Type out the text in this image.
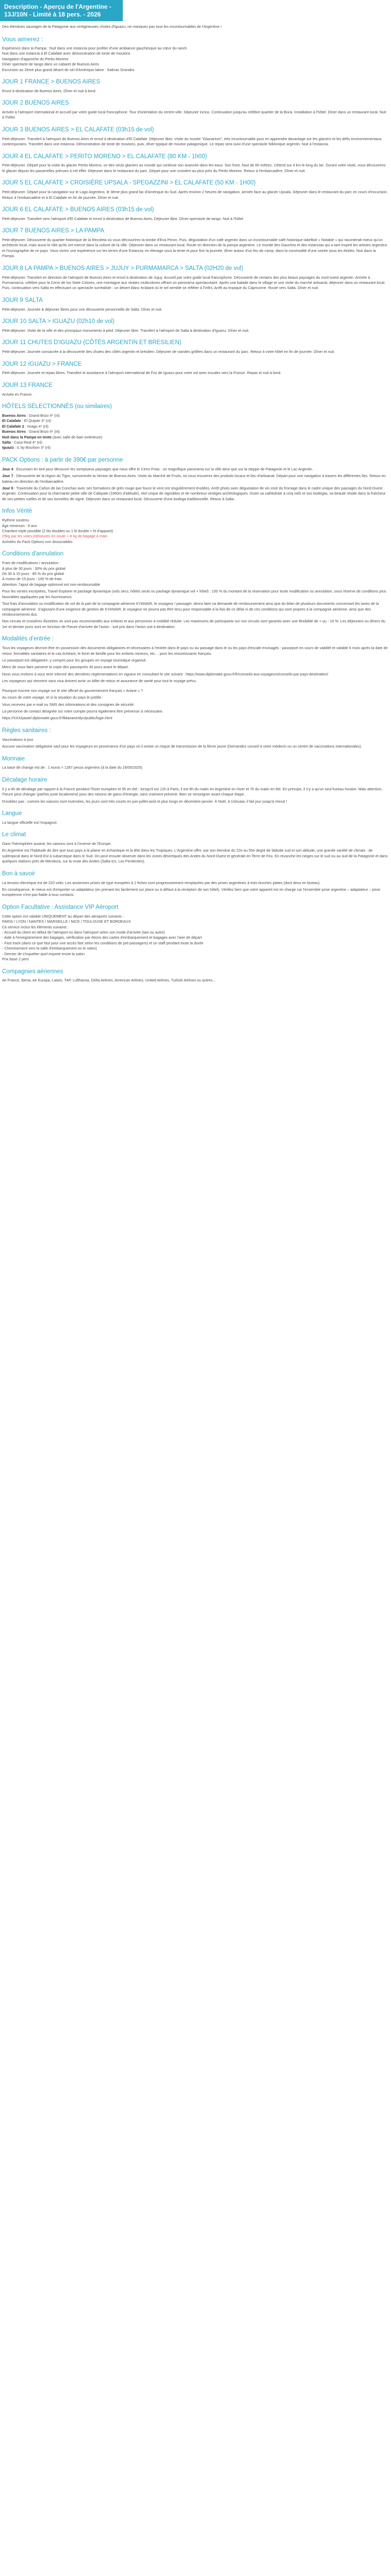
Description - Aperçu de l'Argentine - 13J/10N - Limité à 18 pers. - 2026

Des étendues sauvages de la Patagonie aux vertigineuses chutes d'Iguazu, ne manquez pas tous les incontournables de l'Argentine !

Vous aimerez :
Expérience dans la Pampa : Nuit dans une estancia pour profiter d'une ambiance gauchesque au cœur du ranch
Nuit dans une estancia à El Calafate avec démonstration de tonte de moutons
Navigation d'approche du Perito Moreno
Dîner spectacle de tango dans un cabaret de Buenos Aires
Excursion au 2ème plus grand désert de sel d'Amérique latine : Salinas Grandes
JOUR 1 FRANCE > BUENOS AIRES

Envol à destination de Buenos Aires. Dîner et nuit à bord.

JOUR 2 BUENOS AIRES

Arrivée à l'aéroport international et accueil par votre guide local francophone. Tour d'orientation du centre-ville. Déjeuner inclus. Continuation jusqu'au célèbre quartier de la Boca. Installation à l'hôtel. Dîner dans un restaurant local. Nuit à l'hôtel.

JOUR 3 BUENOS AIRES > EL CALAFATE (03h15 de vol)

Petit-déjeuner. Transfert à l'aéroport de Buenos Aires et envol à destination d'El Calafate. Déjeuner libre. Visite du musée "Glaciarium", très incontournable pour en apprendre davantage sur les glaciers et les défis environnementaux contemporains. Transfert dans une estancia. Démonstration de tonte de moutons, puis, dîner typique de mouton patagonique. Le repas sera suivi d'une spectacle folklorique argentin. Nuit à l'estancia.

JOUR 4 EL CALAFATE > PERITO MORENO > EL CALAFATE (80 KM - 1h00)

Petit-déjeuner. Départ pour la visite du glacier Perito Moreno, un des seuls glaciers au monde qui continue son avancée dans les eaux. Son front, haut de 60 mètres, s'étend sur 4 km le long du lac. Durant votre visite, vous découvrirez le glacier depuis les passerelles prévues à cet effet. Déjeuner dans le restaurant du parc. Départ pour une croisière au plus près du Perito Moreno. Retour à l'embarcadère. Dîner et nuit.

JOUR 5 EL CALAFATE > CROISIÈRE UPSALA - SPEGAZZINI > EL CALAFATE (50 KM - 1H00)

Petit-déjeuner. Départ pour la navigation sur le Lago Argentino, le 3ème plus grand lac d'Amérique du Sud. Après environ 2 heures de navigation, arrivée face au glacier Upsala. Déjeuner dans le restaurant du parc en cours d'excursion. Retour à l'embarcadère et à El Calafate en fin de journée. Dîner et nuit.

JOUR 6 EL CALAFATE > BUENOS AIRES (03h15 de vol)

Petit-déjeuner. Transfert vers l'aéroport d'El Calafate et envol à destination de Buenos Aires. Déjeuner libre. Dîner-spectacle de tango. Nuit à l'hôtel.

JOUR 7 BUENOS AIRES > LA PAMPA

Petit-déjeuner. Découverte du quartier historique de la Recoleta où vous découvrirez la tombe d'Eva Peron. Puis, dégustation d'un café argentin dans un incontournable café historique labellisé « Notable » qui raconterait mieux qu'un architecte local, mais aussi le rôle qu'ils ont exercé dans la culture de la ville. Déjeuner dans un restaurant local. Route en direction de la pampa argentine. Le monde des Gauchos et des estancias qui a tant inspiré les artistes argentins et l'iconographie de ce pays. Vous vivrez une expérience sur les terres d'une Estancia, en élevage sous la tente et pour finir la journée, dîner autour d'un feu de camp, dans la convivialité d'une soirée sous les étoiles. Nuit dans la Pampa.

JOUR 8 LA PAMPA > BUENOS AIRES > JUJUY > PURMAMARCA > SALTA (02H20 de vol)

Petit-déjeuner. Transfert en direction de l'aéroport de Buenos Aires et envol à destination de Jujuy. Accueil par votre guide local francophone. Découverte de certains des plus beaux paysages du nord-ouest argentin. Arrivée à Purmamarca, célèbre pour la Cerro de los Siete Colores, une montagne aux strates multicolores offrant un panorama spectaculaire. Après une balade dans le village et une visite du marché artisanal, déjeuner dans un restaurant local. Puis, continuation vers Salta en effectuant un spectacle surréaliste : un désert blanc éclatant où le sel semble se refléter à l'infini. Arrêt au tropique du Capricorne. Route vers Salta. Dîner et nuit.

JOUR 9 SALTA

Petit-déjeuner. Journée & déjeuner libres pour une découverte personnelle de Salta. Dîner et nuit.

JOUR 10 SALTA > IGUAZU (02h10 de vol)

Petit-déjeuner. Visite de la ville et des principaux monuments à pied. Déjeuner libre. Transfert à l'aéroport de Salta à destination d'Iguazu. Dîner et nuit.

JOUR 11 CHUTES D'IGUAZU (CÔTÉS ARGENTIN ET BRESILIEN)

Petit-déjeuner. Journée consacrée à la découverte des chutes des côtés argentin et brésilien. Déjeuner de viandes grillées dans un restaurant du parc. Retour à votre hôtel en fin de journée. Dîner et nuit.

JOUR 12 IGUAZU > FRANCE

Petit-déjeuner. Journée et repas libres. Transfert et assistance à l'aéroport international de Foz de Iguazu pour votre vol avec escales vers la France. Repas et nuit à bord.

JOUR 13 FRANCE

Arrivée en France.

HÔTELS SÉLECTIONNÉS (ou similaires)
Buenos Aires : Grand Brizo 4* (nl)
El Calafate : El Quijote 3* (nl)
El Calafate 2 : Imago 4* (nl)
Buenos Aires : Grand Brizo 4* (nl)
Nuit dans la Pampa en tente (avec salle de bain extérieure)
Salta : Casa Real 4* (nl)
Iguazù : iL by Bourbon 3* (nl)
PACK Options : à partir de 390€ par personne

Jour 4 : Excursion en 4x4 pour découvrir les somptueux paysages que nous offre le Cerro Frías : un magnifique panorama sur la ville ainsi que sur la steppe de Patagonie et le Lac Argentin.

Jour 7 : Découverte de la région du Tigre, surnommée la Venise de Buenos Aires. Visite du Marché de Fruits, où vous trouverez des produits locaux et lieu d'artisanat. Départ pour une navigation à travers les différentes îles. Retour en bateau en direction de l'embarcadère.

Jour 9 : Traversée du Cañon de las Conchas avec ses formations de grès rouge que fouce le vent ont singulièrement érodées. Arrêt photo avec dégustation de vin rosé du fromage dans le cadre unique des paysages du Nord-Ouest Argentin. Continuation pour la charmante petite ville de Cafayate (1660m d'altitude), réel cirque de vignobles et de nombreux vestiges archéologiques. Outre sa cathédrale à cinq nefs et ses bodegas, sa beauté réside dans la fraîcheur de ses petites ruelles et de ses tonnelles de vigne. Déjeuner dans un restaurant local. Découverte d'une bodega traditionnelle. Retour à Salta.

Infos Vérité
Rythme soutenu
Âge minimum : 9 ans
Chambre triple possible (2 lits doubles ou 1 lit double + lit d'appoint)
25kg par les voies intérieures en soute + 8 kg de bagage à main
Activités du Pack Options non dissociables
Conditions d'annulation
Frais de modifications / annulation :
À plus de 30 jours : 30% du prix global
De 30 à 15 jours : 85 % du prix global
À moins de 15 jours : 100 % de frais
Attention: l'ajout de bagage optionnel est non-remboursable

Pour les ventes exceptées, Travel Explorer et package dynamique (vols secs, hôtels seuls ou package dynamique vol + hôtel) : 100 % du montant de la réservation pour toute modification ou annulation, sous réserve de conditions plus favorables appliquées par les fournisseurs.

Tout frais d'annulation ou modification de vol de la part de la compagnie aérienne KYANAIR, le voyageur / passager, devra faire sa demande de remboursement ainsi que du bilan de plusieurs documents concernant les taxes de la compagnie aérienne. S'agissant d'une exigence de gestion de KYANAIR, le voyageur ne pourra pas être tenu pour responsable à la fois de ce délai ni de ces conditions qui sont propres à la compagnie aérienne, ainsi que des remboursements dus.

Nos circuits et croisières illustrées ne sont pas recommandés aux enfants et aux personnes à mobilité réduite. Les maximums de participants sur nos circuits sont garantis avec une flexibilité de + ou - 10 %. Les déjeuners ou dîners du 1er et dernier jours sont en fonction de l'heure d'arrivée de l'avion : soit pris dans l'avion soit à destination.

Modalités d'entrée :

Tous les voyageurs devront être en possession des documents obligatoires et nécessaires à l'entrée dans le pays ou au passage dans le ou les pays d'escale envisagés : passeport en cours de validité et valable 6 mois après la date de retour, formalités sanitaires et le cas échéant, le livret de famille pour les enfants mineurs, etc… pour les ressortissants français.

Le passeport est obligatoire, y compris pour les groupes en voyage touristique organisé.

Merci de nous faire parvenir la copie des passeports 45 jours avant le départ.

Nous vous invitons à vous tenir informé des dernières réglementations en vigueur en consultant le site suivant : https://www.diplomatie.gouv.fr/fr/conseils-aux-voyageurs/conseils-par-pays-destination/

Les voyageurs qui viennent sans visa doivent avoir un billet de retour et assurance de santé pour tout le voyage prévu.

Pourquoi inscrire son voyage sur le site officiel du gouvernement français « Ariane » ?

Au cours de votre voyage, et si la situation du pays le justifie :

Vous recevrez par e-mail ou SMS des informations et des consignes de sécurité.

La personne de contact désignée sur votre compte pourra également être prévenue si nécessaire.

https://XXX/pastel.diplomatie.gouv.fr/fildariane/dyn/public/login.html

Règles sanitaires :

Vaccinations à jour.

Aucune vaccination obligatoire sauf pour les voyageurs en provenance d'un pays où il existe un risque de transmission de la fièvre jaune (Demandez conseil à votre médecin ou un centre de vaccinations internationales).

Monnaie

La base de change est de : 1 euros = 1287 pesos argentins (à la date du 16/05/2025)

Décalage horaire

Il y a 4h de décalage par rapport à la France pendant l'hiver européen et 5h en été : lorsqu'il est 12h à Paris, il est 8h du matin en Argentine en hiver et 7h du matin en été. En principe, il n'y a qu'un seul fuseau horaire. Mais attention, l'heure peut changer (parfois juste localement) pour des raisons de gains d'énergie, sans vraiment prévenir. Bien se renseigner avant chaque étape.

N'oubliez pas : comme les saisons sont inversées, les jours sont très courts en juin-juillet-août et plus longs en décembre-janvier. À Noël, à Ushuaia, il fait jour jusqu'à minuit !

Langue

La langue officielle est l'espagnol.

Le climat

Dans l'hémisphère austral, les saisons sont à l'inverse de l'Europe.

En Argentine est l'habitude de dire que tous pays a la plaine en échantique et la tête dans les Tropiques. L'Argentine offre, par son étendue du 22e au 55e degré de latitude sud et son altitude, une grande variété de climats : de subtropical dans le Nord-Est à subarctique dans le Sud. On peut ensuite observer dans les zones désertiques des Andes du Nord-Ouest et générale en Terre de Feu. En revanche les neiges sur le sud ou au sud de la Patagonie et dans quelques stations près de Mendoza, sur la route des Andes (Salta-Ics, Los Penitentes).

Bon à savoir

La tension électrique est de 220 volts. Les anciennes prises de type européen à 2 fiches sont progressivement remplacées par des prises argentines à trois broches plates (dont deux en biseau).

En conséquence, le mieux est d'emporter un adaptateur (en prenant les facilement sur place ou à défaut à la réception de son hôtel). Vérifiez bien que votre appareil est en charge car l'ensemble prise argentine – adaptateur – prise européenne n'est pas fiable à tous contacts.

Option Facultative : Assistance VIP Aéroport
Cette option est valable UNIQUEMENT au départ des aéroports suivants :
PARIS / LYON / NANTES / MARSEILLE / NICE / TOULOUSE ET BORDEAUX
Ce service inclus les éléments suivants :
- Accueil du client en début de l'aéroport ou dans l'aéroport selon son mode d'arrivée (taxi ou autre)
- Aide à l'enregistrement des bagages, vérification par étions des cartes d'embarquement et bagages avec l'aire de départ
- Fast track (dans ce que fast pour une accès fast selon les conditions de pré-passagers) et un staff pendant toute la durée
- Cheminement vers la salle d'embarquement ou le salon)
- Dernier de s'inquiéter quel importe envie la salon
Prix base 2 pers
Compagnies aériennes

Air France, Iberia, Air Europa, Latam, TAP, Lufthansa, Delta Airlines, American Airlines, United Airlines, Turkish Airlines ou autres…
